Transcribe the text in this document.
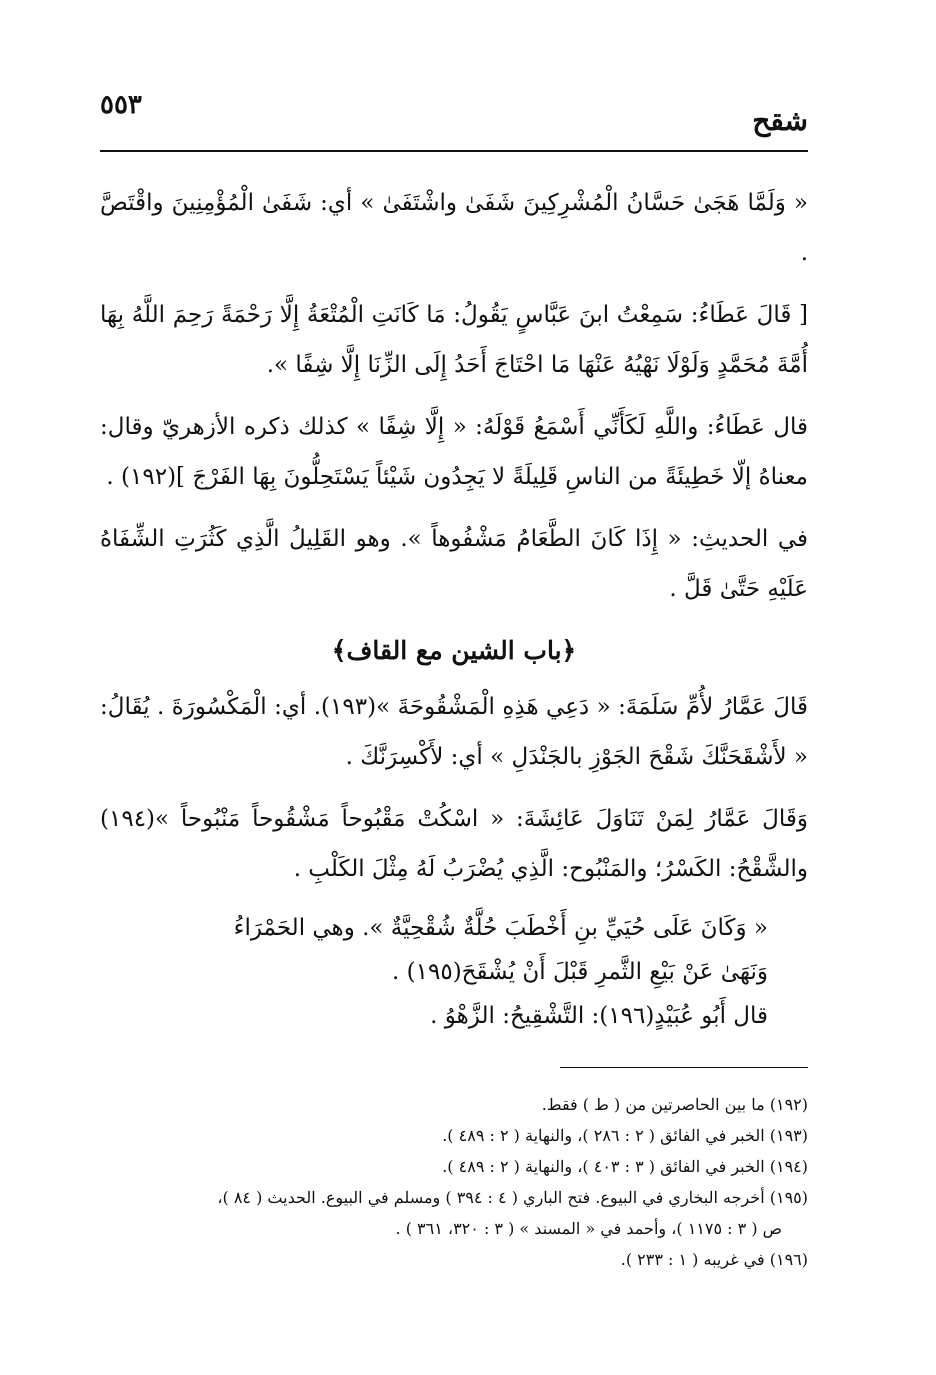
شقح
٥٥٣

« وَلَمَّا هَجَىٰ حَسَّانُ الْمُشْرِكِينَ شَفَىٰ واشْتَفَىٰ » أي: شَفَىٰ الْمُؤْمِنِينَ واقْتَصَّ .

[ قَالَ عَطَاءُ: سَمِعْتُ ابنَ عَبَّاسٍ يَقُولُ: مَا كَانَتِ الْمُتْعَةُ إِلَّا رَحْمَةً رَحِمَ اللَّهُ بِهَا أُمَّةَ مُحَمَّدٍ وَلَوْلَا نَهْيُهُ عَنْهَا مَا احْتَاجَ أَحَدُ إِلَى الزِّنَا إِلَّا شِفًا ».

قال عَطَاءُ: واللَّهِ لَكَأَنِّي أَسْمَعُ قَوْلَهُ: « إِلَّا شِفًا » كذلك ذكره الأزهريّ وقال: معناهُ إلّا خَطِيئَةً من الناسِ قَلِيلَةً لا يَجِدُون شَيْئاً يَسْتَحِلُّونَ بِهَا الفَرْجَ ](١٩٢) .

في الحديثِ: « إِذَا كَانَ الطَّعَامُ مَشْفُوهاً ». وهو القَلِيلُ الَّذِي كَثُرَتِ الشِّفَاهُ عَلَيْهِ حَتَّىٰ قَلَّ .

﴿باب الشين مع القاف﴾

قَالَ عَمَّارُ لأُمِّ سَلَمَةَ: « دَعِي هَذِهِ الْمَشْقُوحَةَ »(١٩٣). أي: الْمَكْسُورَةَ . يُقَالُ: « لأَشْقَحَنَّكَ شَقْحَ الجَوْزِ بالجَنْدَلِ » أي: لأَكْسِرَنَّكَ .

وَقَالَ عَمَّارُ لِمَنْ تَنَاوَلَ عَائِشَةَ: « اسْكُتْ مَقْبُوحاً مَشْقُوحاً مَنْبُوحاً »(١٩٤) والشَّقْحُ: الكَسْرُ؛ والمَنْبُوح: الَّذِي يُضْرَبُ لَهُ مِثْلَ الكَلْبِ .

« وَكَانَ عَلَى حُيَيِّ بنِ أَخْطَبَ حُلَّةٌ شُقْحِيَّةٌ ». وهي الحَمْرَاءُ
وَنَهَىٰ عَنْ بَيْعِ الثَّمرِ قَبْلَ أَنْ يُشْقَحَ(١٩٥) .
قال أَبُو عُبَيْدٍ(١٩٦): التَّشْقِيحُ: الزَّهْوُ .
(١٩٢) ما بين الحاصرتين من ( ط ) فقط.
(١٩٣) الخبر في الفائق ( ٢ : ٢٨٦ )، والنهاية ( ٢ : ٤٨٩ ).
(١٩٤) الخبر في الفائق ( ٣ : ٤٠٣ )، والنهاية ( ٢ : ٤٨٩ ).
(١٩٥) أخرجه البخاري في البيوع. فتح الباري ( ٤ : ٣٩٤ ) ومسلم في البيوع. الحديث ( ٨٤ )،
ص ( ٣ : ١١٧٥ )، وأحمد في « المسند » ( ٣ : ٣٢٠، ٣٦١ ) .
(١٩٦) في غريبه ( ١ : ٢٣٣ ).
